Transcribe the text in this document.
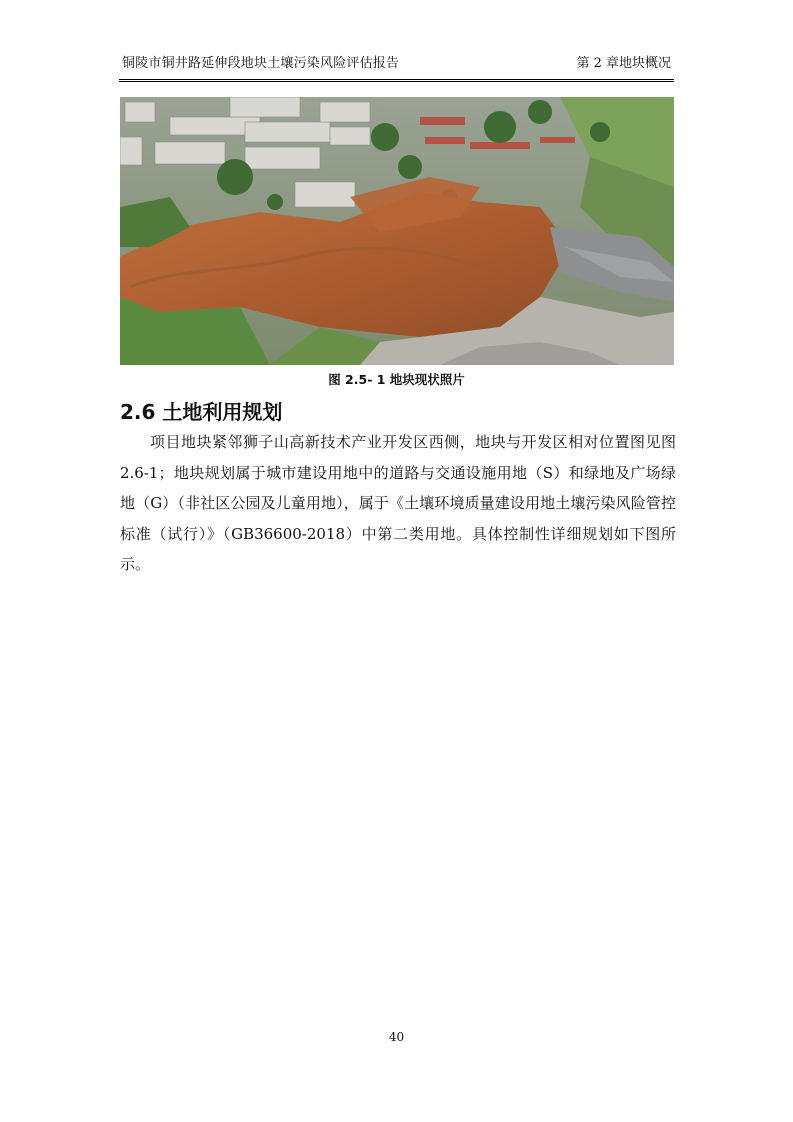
铜陵市铜井路延伸段地块土壤污染风险评估报告	第 2 章地块概况
图 2.5- 1 地块现状照片
2.6 土地利用规划
项目地块紧邻狮子山高新技术产业开发区西侧，地块与开发区相对位置图见图 2.6-1；地块规划属于城市建设用地中的道路与交通设施用地（S）和绿地及广场绿地（G）（非社区公园及儿童用地），属于《土壤环境质量建设用地土壤污染风险管控标准（试行）》（GB36600-2018）中第二类用地。具体控制性详细规划如下图所示。
40
